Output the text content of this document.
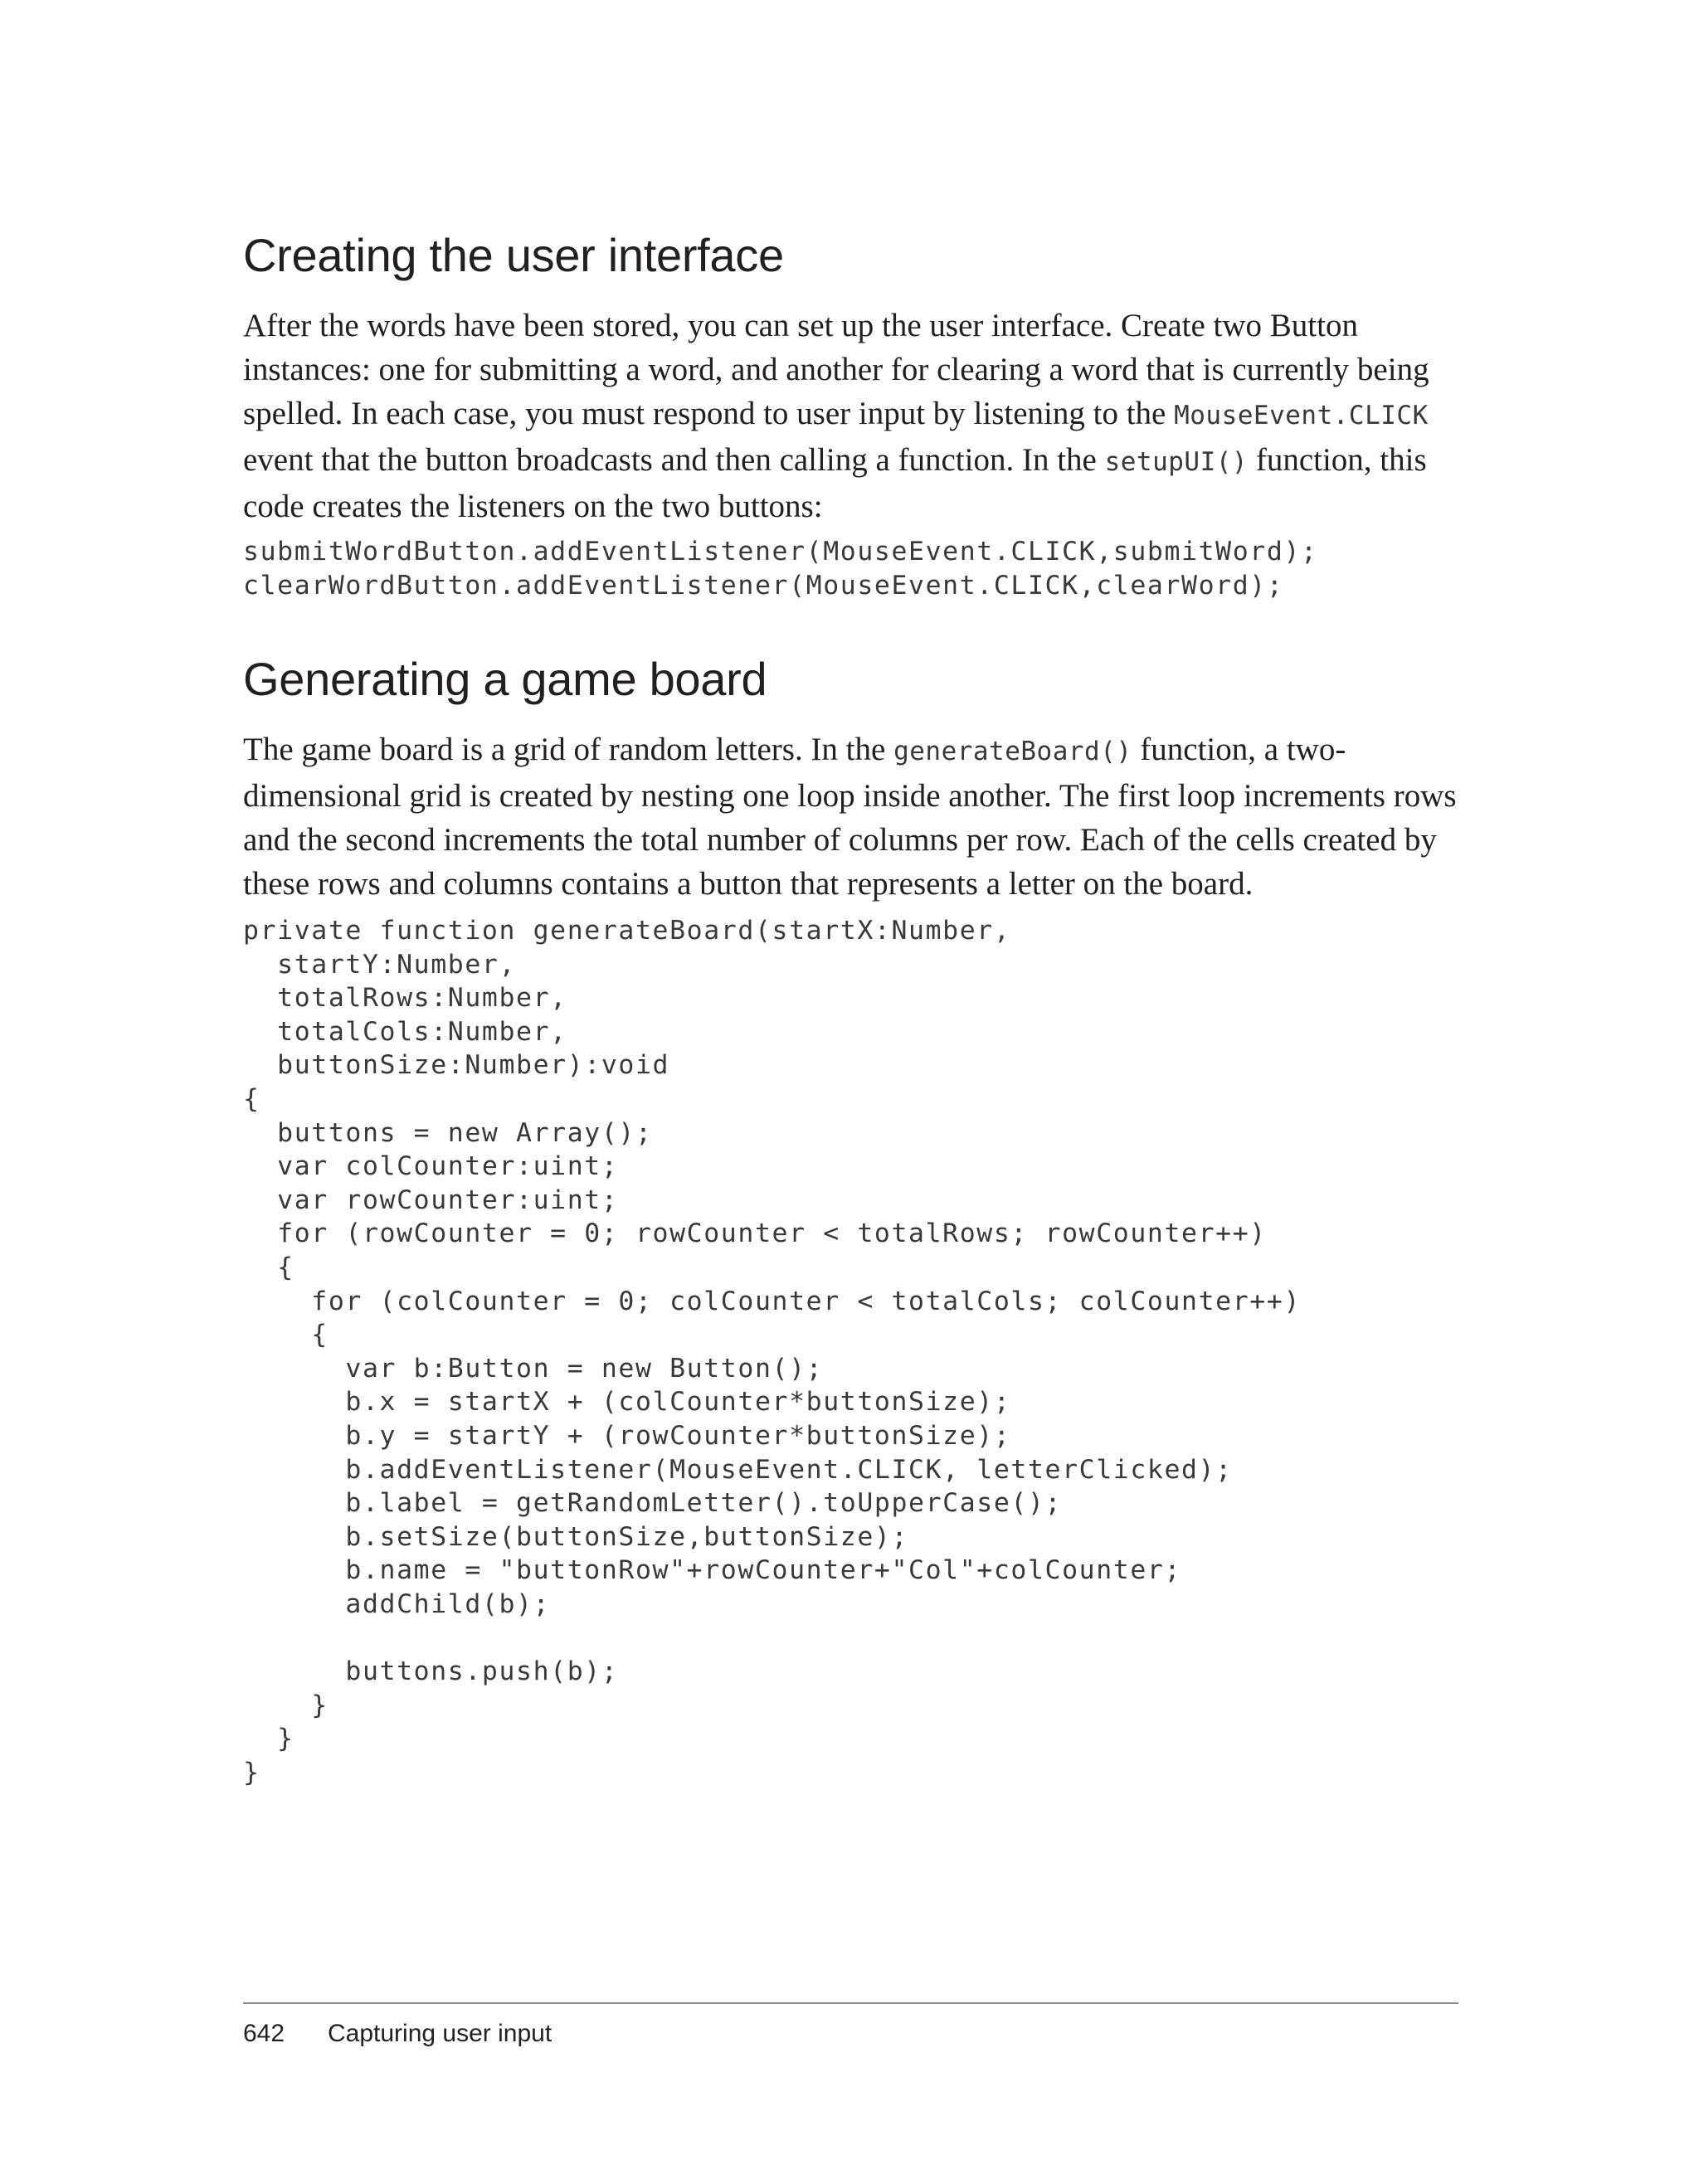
Creating the user interface
After the words have been stored, you can set up the user interface. Create two Button
instances: one for submitting a word, and another for clearing a word that is currently being
spelled. In each case, you must respond to user input by listening to the MouseEvent.CLICK
event that the button broadcasts and then calling a function. In the setupUI() function, this
code creates the listeners on the two buttons:
submitWordButton.addEventListener(MouseEvent.CLICK,submitWord);
clearWordButton.addEventListener(MouseEvent.CLICK,clearWord);
Generating a game board
The game board is a grid of random letters. In the generateBoard() function, a two-
dimensional grid is created by nesting one loop inside another. The first loop increments rows
and the second increments the total number of columns per row. Each of the cells created by
these rows and columns contains a button that represents a letter on the board.
private function generateBoard(startX:Number,
startY:Number,
totalRows:Number,
totalCols:Number,
buttonSize:Number):void
{
buttons = new Array();
var colCounter:uint;
var rowCounter:uint;
for (rowCounter = 0; rowCounter < totalRows; rowCounter++)
{
for (colCounter = 0; colCounter < totalCols; colCounter++)
{
var b:Button = new Button();
b.x = startX + (colCounter*buttonSize);
b.y = startY + (rowCounter*buttonSize);
b.addEventListener(MouseEvent.CLICK, letterClicked);
b.label = getRandomLetter().toUpperCase();
b.setSize(buttonSize,buttonSize);
b.name = "buttonRow"+rowCounter+"Col"+colCounter;
addChild(b);
buttons.push(b);
}
}
}
642 Capturing user input
